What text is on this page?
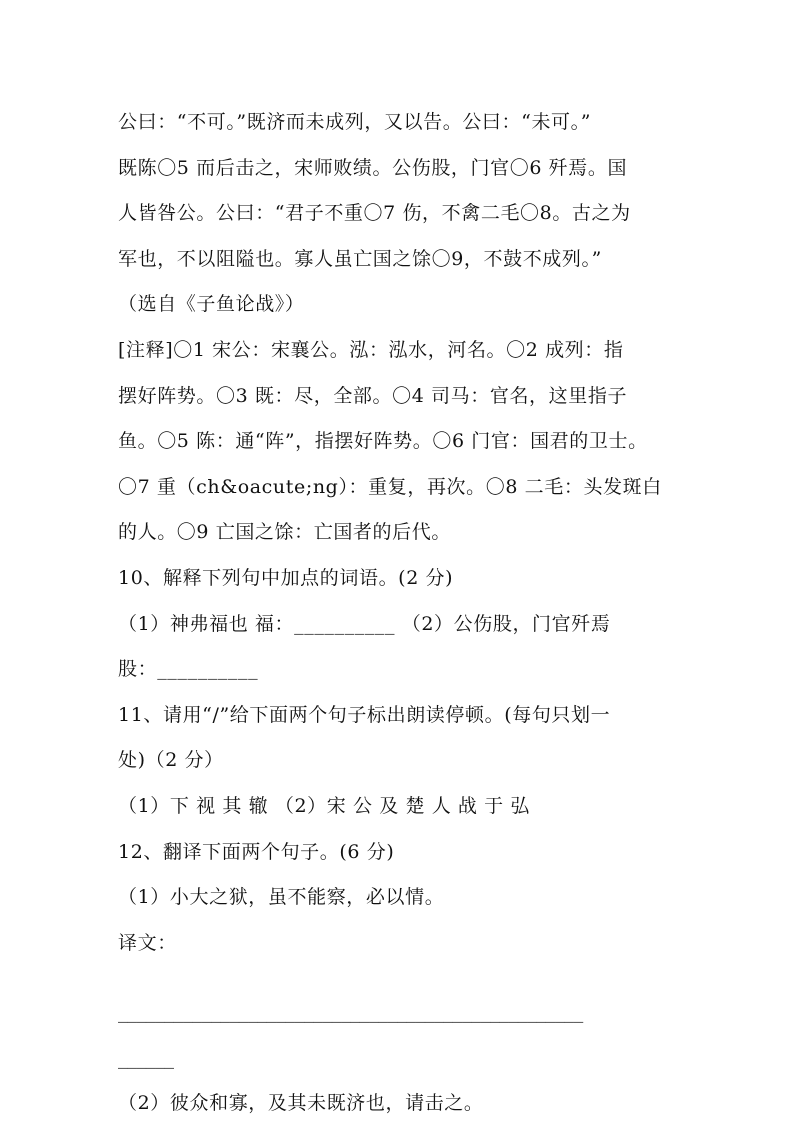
公曰：“不可。”既济而未成列，又以告。公曰：“未可。”
既陈〇5 而后击之，宋师败绩。公伤股，门官〇6 歼焉。国
人皆咎公。公曰：“君子不重〇7 伤，不禽二毛〇8。古之为
军也，不以阻隘也。寡人虽亡国之馀〇9，不鼓不成列。”
（选自《子鱼论战》）
[注释]〇1 宋公：宋襄公。泓：泓水，河名。〇2 成列：指
摆好阵势。〇3 既：尽，全部。〇4 司马：官名，这里指子
鱼。〇5 陈：通“阵”，指摆好阵势。〇6 门官：国君的卫士。
〇7 重（ch&oacute;ng）：重复，再次。〇8 二毛：头发斑白
的人。〇9 亡国之馀：亡国者的后代。
10、解释下列句中加点的词语。(2 分)
（1）神弗福也 福：__________ （2）公伤股，门官歼焉
股：__________
11、请用“/”给下面两个句子标出朗读停顿。(每句只划一
处)（2 分）
（1）下 视 其 辙 （2）宋 公 及 楚 人 战 于 弘
12、翻译下面两个句子。(6 分)
（1）小大之狱，虽不能察，必以情。
译文：
__________________________________________________
______
（2）彼众和寡，及其未既济也，请击之。
